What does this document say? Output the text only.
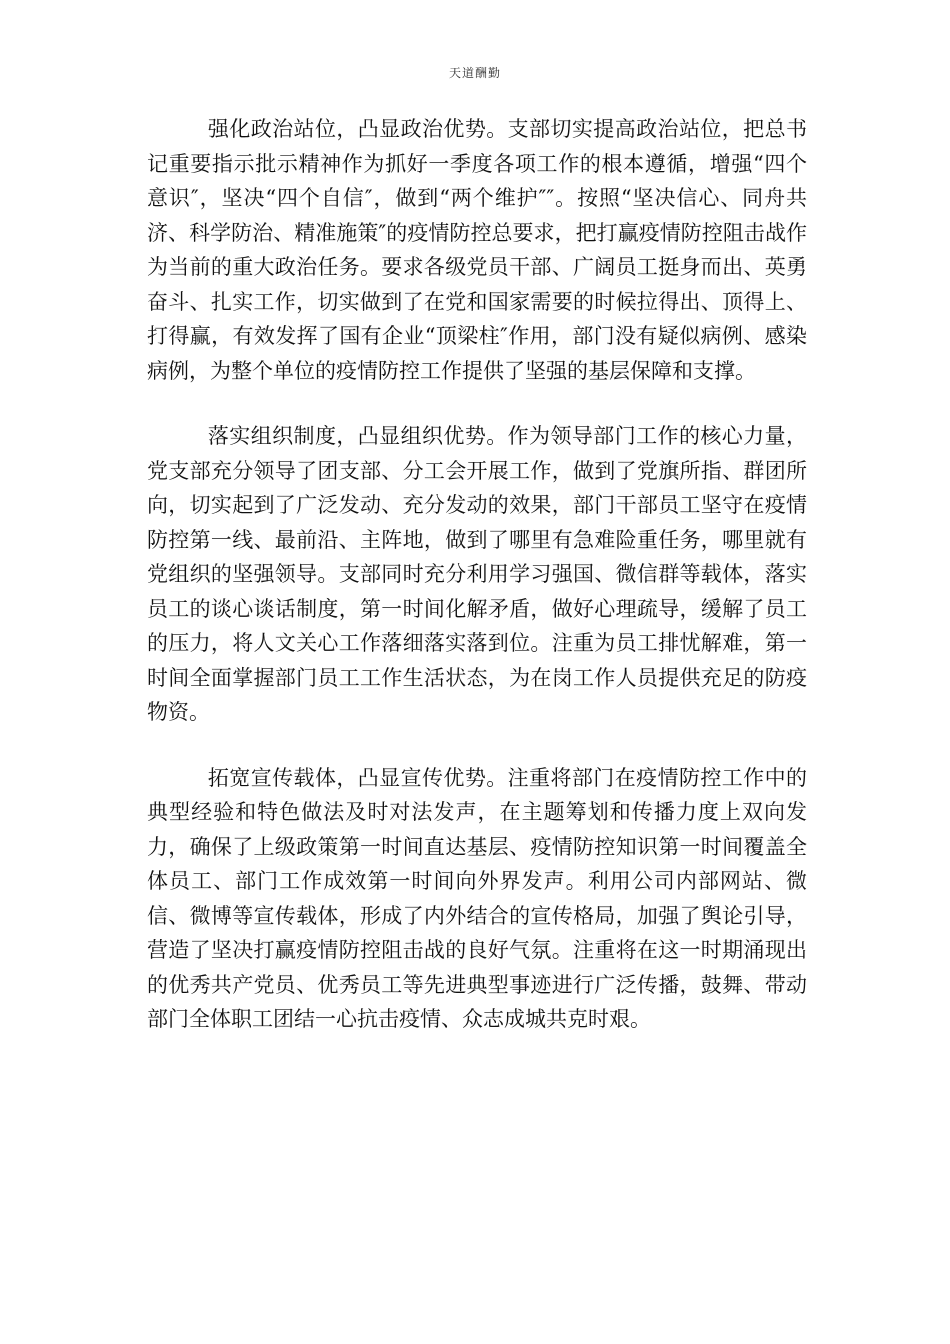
天道酬勤

强化政治站位，凸显政治优势。支部切实提高政治站位，把总书记重要指示批示精神作为抓好一季度各项工作的根本遵循，增强“四个意识″，坚决“四个自信″，做到“两个维护″″。按照“坚决信心、同舟共济、科学防治、精准施策″的疫情防控总要求，把打赢疫情防控阻击战作为当前的重大政治任务。要求各级党员干部、广阔员工挺身而出、英勇奋斗、扎实工作，切实做到了在党和国家需要的时候拉得出、顶得上、打得赢，有效发挥了国有企业“顶梁柱″作用，部门没有疑似病例、感染病例，为整个单位的疫情防控工作提供了坚强的基层保障和支撑。

落实组织制度，凸显组织优势。作为领导部门工作的核心力量，党支部充分领导了团支部、分工会开展工作，做到了党旗所指、群团所向，切实起到了广泛发动、充分发动的效果，部门干部员工坚守在疫情防控第一线、最前沿、主阵地，做到了哪里有急难险重任务，哪里就有党组织的坚强领导。支部同时充分利用学习强国、微信群等载体，落实员工的谈心谈话制度，第一时间化解矛盾，做好心理疏导，缓解了员工的压力，将人文关心工作落细落实落到位。注重为员工排忧解难，第一时间全面掌握部门员工工作生活状态，为在岗工作人员提供充足的防疫物资。

拓宽宣传载体，凸显宣传优势。注重将部门在疫情防控工作中的典型经验和特色做法及时对法发声，在主题筹划和传播力度上双向发力，确保了上级政策第一时间直达基层、疫情防控知识第一时间覆盖全体员工、部门工作成效第一时间向外界发声。利用公司内部网站、微信、微博等宣传载体，形成了内外结合的宣传格局，加强了舆论引导，营造了坚决打赢疫情防控阻击战的良好气氛。注重将在这一时期涌现出的优秀共产党员、优秀员工等先进典型事迹进行广泛传播，鼓舞、带动部门全体职工团结一心抗击疫情、众志成城共克时艰。
